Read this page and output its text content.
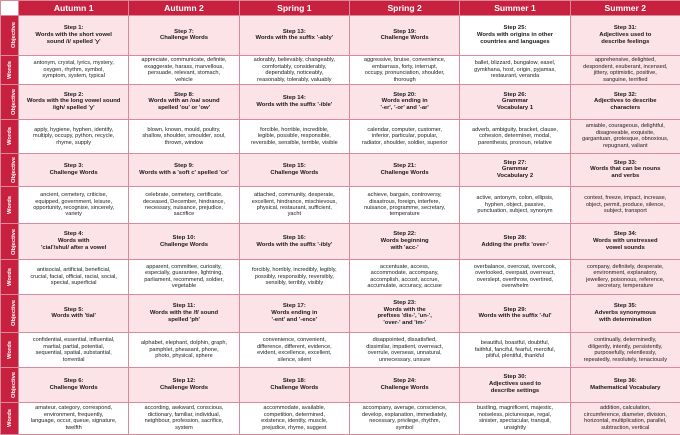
	Autumn 1	Autumn 2	Spring 1	Spring 2	Summer 1	Summer 2
Objective	Step 1:
Words with the short vowel
sound /i/ spelled 'y'	Step 7:
Challenge Words	Step 13:
Words with the suffix '-ably'	Step 19:
Challenge Words	Step 25:
Words with origins in other
countries and languages	Step 31:
Adjectives used to
describe feelings

Words	antonym, crystal, lyrics, mystery,
oxygen, rhythm, symbol,
symptom, system, typical	appreciate, communicate, definite,
exaggerate, harass, marvellous,
persuade, relevant, stomach,
vehicle	adorably, believably, changeably,
comfortably, considerably,
dependably, noticeably,
reasonably, tolerably, valuably	aggressive, bruise, convenience,
embarrass, forty, interrupt,
occupy, pronunciation, shoulder,
thorough	ballet, blizzard, bungalow, easel,
gymkhana, host, origin, pyjamas,
restaurant, veranda	apprehensive, delighted,
despondent, exuberant, incensed,
jittery, optimistic, positive,
sanguine, terrified

Objective	Step 2:
Words with the long vowel sound
/igh/ spelled 'y'	Step 8:
Words with an /oa/ sound
spelled 'ou' or 'ow'	Step 14:
Words with the suffix '-ible'	Step 20:
Words ending in
'-er', '-or' and '-ar'	Step 26:
Grammar
Vocabulary 1	Step 32:
Adjectives to describe
characters

Words	apply, hygiene, hyphen, identify,
multiply, occupy, python, recycle,
rhyme, supply	blown, known, mould, poultry,
shallow, shoulder, smoulder, soul,
thrown, window	forcible, horrible, incredible,
legible, possible, responsible,
reversible, sensible, terrible, visible	calendar, computer, customer,
inferior, particular, popular,
radiator, shoulder, soldier, superior	adverb, ambiguity, bracket, clause,
cohesion, determiner, modal,
parenthesis, pronoun, relative	amiable, courageous, delightful,
disagreeable, exquisite,
gargantuan, grotesque, obnoxious,
repugnant, valiant

Objective	Step 3:
Challenge Words	Step 9:
Words with a 'soft c' spelled 'ce'	Step 15:
Challenge Words	Step 21:
Challenge Words	Step 27:
Grammar
Vocabulary 2	Step 33:
Words that can be nouns
and verbs

Words	ancient, cemetery, criticise,
equipped, government, leisure,
opportunity, recognise, sincerely,
variety	celebrate, cemetery, certificate,
deceased, December, hindrance,
necessary, nuisance, prejudice,
sacrifice	attached, community, desperate,
excellent, hindrance, mischievous,
physical, restaurant, sufficient,
yacht	achieve, bargain, controversy,
disastrous, foreign, interfere,
nuisance, programme, secretary,
temperature	active, antonym, colon, ellipsis,
hyphen, object, passive,
punctuation, subject, synonym	contest, freeze, impact, increase,
object, permit, produce, silence,
subject, transport

Objective	Step 4:
Words with
'cial'/shul/ after a vowel	Step 10:
Challenge Words	Step 16:
Words with the suffix '-ibly'	Step 22:
Words beginning
with 'acc-'	Step 28:
Adding the prefix 'over-'	Step 34:
Words with unstressed
vowel sounds

Words	antisocial, artificial, beneficial,
crucial, facial, official, racial, social,
special, superficial	apparent, committee, curiosity,
especially, guarantee, lightning,
parliament, recommend, soldier,
vegetable	forcibly, horribly, incredibly, legibly,
possibly, responsibly, reversibly,
sensibly, terribly, visibly	accentuate, access,
accommodate, accompany,
accomplish, accost, accrue,
accumulate, accuracy, accuse	overbalance, overcoat, overcook,
overlooked, overpaid, overreact,
overslept, overthrow, overtired,
overwhelm	company, definitely, desperate,
environment, explanatory,
jewellery, poisonous, reference,
secretary, temperature

Objective	Step 5:
Words with 'tial'	Step 11:
Words with the /f/ sound
spelled 'ph'	Step 17:
Words ending in
'-ent' and '-ence'	Step 23:
Words with the
prefixes 'dis-', 'un-',
'over-' and 'im-'	Step 29:
Words with the suffix '-ful'	Step 35:
Adverbs synonymous
with determination

Words	confidential, essential, influential,
martial, partial, potential,
sequential, spatial, substantial,
torrential	alphabet, elephant, dolphin, graph,
pamphlet, pheasant, phone,
photo, physical, sphere	convenience, convenient,
difference, different, evidence,
evident, excellence, excellent,
silence, silent	disappointed, dissatisfied,
dissimilar, impatient, overreact,
overrule, overseas, unnatural,
unnecessary, unsure	beautiful, boastful, doubtful,
faithful, fanciful, fearful, merciful,
pitiful, plentiful, thankful	continually, determinedly,
diligently, intently, persistently,
purposefully, relentlessly,
repeatedly, resolutely, tenaciously

Objective	Step 6:
Challenge Words	Step 12:
Challenge Words	Step 18:
Challenge Words	Step 24:
Challenge Words	Step 30:
Adjectives used to
describe settings	Step 36:
Mathematical Vocabulary

Words	amateur, category, correspond,
environment, frequently,
language, occur, queue, signature,
twelfth	according, awkward, conscious,
dictionary, familiar, individual,
neighbour, profession, sacrifice,
system	accommodate, available,
competition, determined,
existence, identity, muscle,
prejudice, rhyme, suggest	accompany, average, conscience,
develop, explanation, immediately,
necessary, privilege, rhythm,
symbol	bustling, magnificent, majestic,
noiseless, picturesque, regal,
sinister, spectacular, tranquil,
unsightly	addition, calculation,
circumference, diameter, division,
horizontal, multiplication, parallel,
subtraction, vertical
